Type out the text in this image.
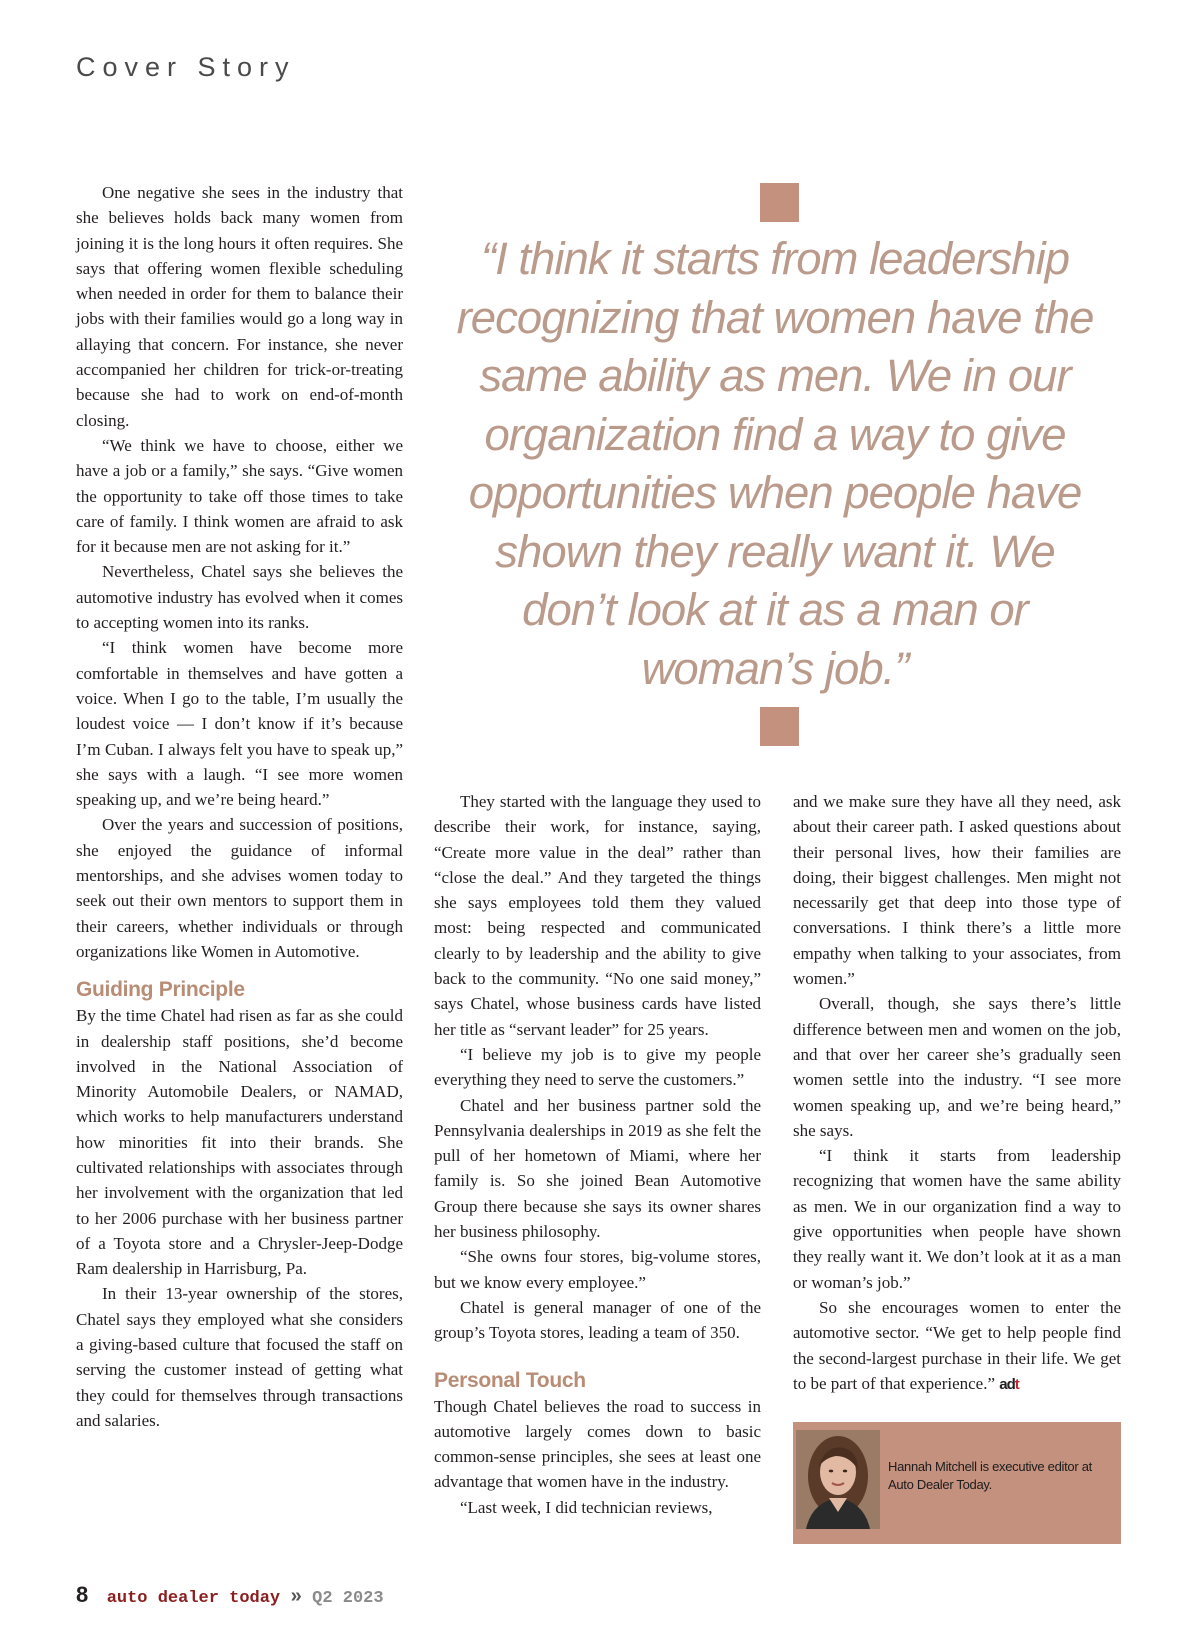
Cover Story

One negative she sees in the industry that she believes holds back many women from joining it is the long hours it often requires. She says that offering women flexible scheduling when needed in order for them to balance their jobs with their families would go a long way in allaying that concern. For instance, she never accompanied her children for trick-or-treating because she had to work on end-of-month closing.

“We think we have to choose, either we have a job or a family,” she says. “Give women the opportunity to take off those times to take care of family. I think women are afraid to ask for it because men are not asking for it.”

Nevertheless, Chatel says she believes the automotive industry has evolved when it comes to accepting women into its ranks.

“I think women have become more comfortable in themselves and have gotten a voice. When I go to the table, I’m usually the loudest voice — I don’t know if it’s because I’m Cuban. I always felt you have to speak up,” she says with a laugh. “I see more women speaking up, and we’re being heard.”

Over the years and succession of positions, she enjoyed the guidance of informal mentorships, and she advises women today to seek out their own mentors to support them in their careers, whether individuals or through organizations like Women in Automotive.

Guiding Principle

By the time Chatel had risen as far as she could in dealership staff positions, she’d become involved in the National Association of Minority Automobile Dealers, or NAMAD, which works to help manufacturers understand how minorities fit into their brands. She cultivated relationships with associates through her involvement with the organization that led to her 2006 purchase with her business partner of a Toyota store and a Chrysler-Jeep-Dodge Ram dealership in Harrisburg, Pa.

In their 13-year ownership of the stores, Chatel says they employed what she considers a giving-based culture that focused the staff on serving the customer instead of getting what they could for themselves through transactions and salaries.

“I think it starts from leadership recognizing that women have the same ability as men. We in our organization find a way to give opportunities when people have shown they really want it. We don’t look at it as a man or woman’s job.”

They started with the language they used to describe their work, for instance, saying, “Create more value in the deal” rather than “close the deal.” And they targeted the things she says employees told them they valued most: being respected and communicated clearly to by leadership and the ability to give back to the community. “No one said money,” says Chatel, whose business cards have listed her title as “servant leader” for 25 years.

“I believe my job is to give my people everything they need to serve the customers.”

Chatel and her business partner sold the Pennsylvania dealerships in 2019 as she felt the pull of her hometown of Miami, where her family is. So she joined Bean Automotive Group there because she says its owner shares her business philosophy.

“She owns four stores, big-volume stores, but we know every employee.”

Chatel is general manager of one of the group’s Toyota stores, leading a team of 350.

Personal Touch

Though Chatel believes the road to success in automotive largely comes down to basic common-sense principles, she sees at least one advantage that women have in the industry.

“Last week, I did technician reviews,

and we make sure they have all they need, ask about their career path. I asked questions about their personal lives, how their families are doing, their biggest challenges. Men might not necessarily get that deep into those type of conversations. I think there’s a little more empathy when talking to your associates, from women.”

Overall, though, she says there’s little difference between men and women on the job, and that over her career she’s gradually seen women settle into the industry. “I see more women speaking up, and we’re being heard,” she says.

“I think it starts from leadership recognizing that women have the same ability as men. We in our organization find a way to give opportunities when people have shown they really want it. We don’t look at it as a man or woman’s job.”

So she encourages women to enter the automotive sector. “We get to help people find the second-largest purchase in their life. We get to be part of that experience.” adt

Hannah Mitchell is executive editor at Auto Dealer Today.
8 auto dealer today » Q2 2023
